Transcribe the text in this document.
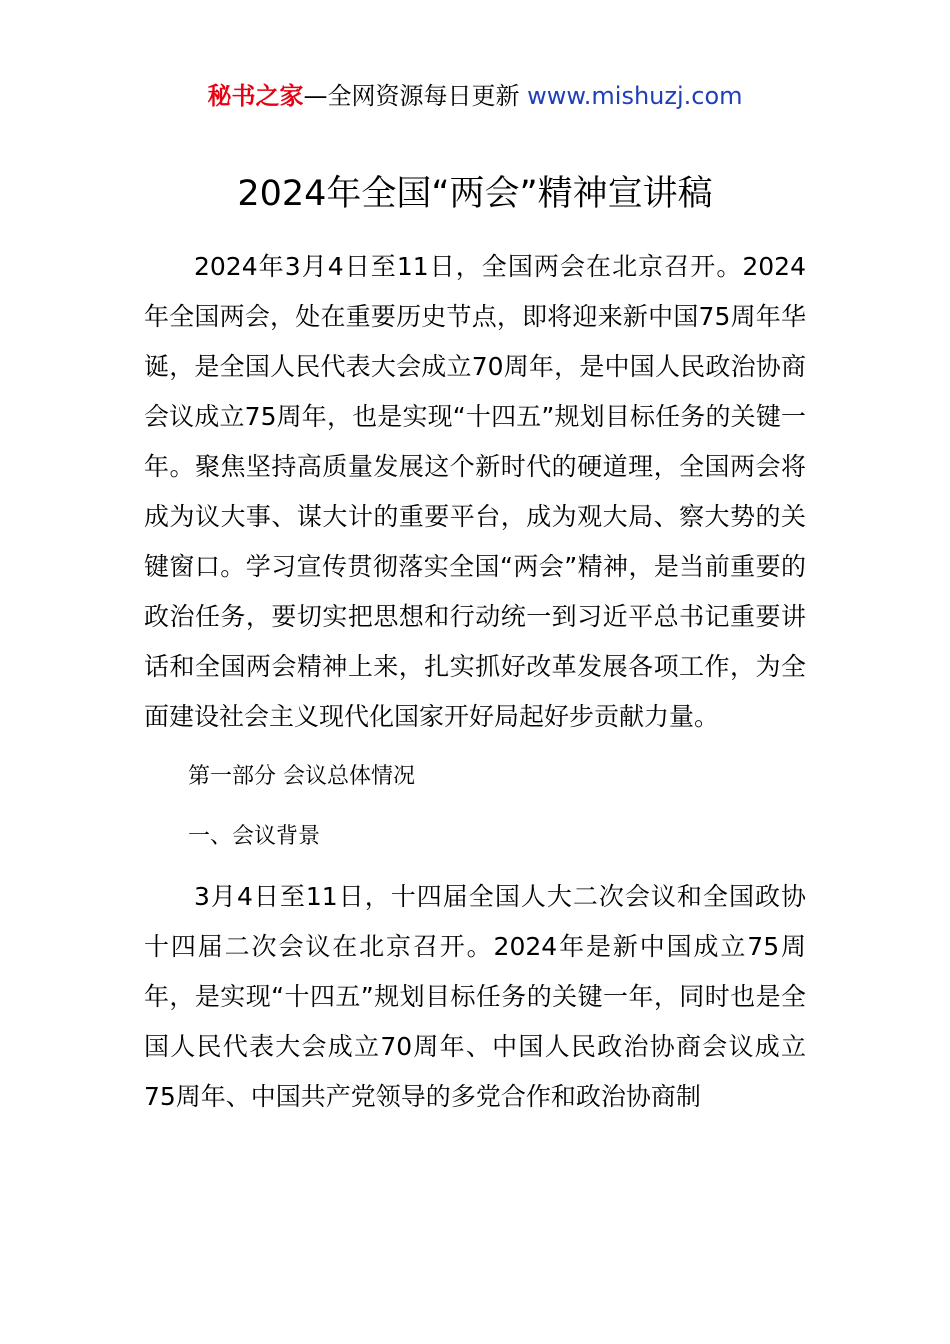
秘书之家—全网资源每日更新 www.mishuzj.com
2024年全国“两会”精神宣讲稿

2024年3月4日至11日，全国两会在北京召开。2024年全国两会，处在重要历史节点，即将迎来新中国75周年华诞，是全国人民代表大会成立70周年，是中国人民政治协商会议成立75周年，也是实现“十四五”规划目标任务的关键一年。聚焦坚持高质量发展这个新时代的硬道理，全国两会将成为议大事、谋大计的重要平台，成为观大局、察大势的关键窗口。学习宣传贯彻落实全国“两会”精神，是当前重要的政治任务，要切实把思想和行动统一到习近平总书记重要讲话和全国两会精神上来，扎实抓好改革发展各项工作，为全面建设社会主义现代化国家开好局起好步贡献力量。

第一部分 会议总体情况

一、会议背景

3月4日至11日，十四届全国人大二次会议和全国政协十四届二次会议在北京召开。2024年是新中国成立75周年，是实现“十四五”规划目标任务的关键一年，同时也是全国人民代表大会成立70周年、中国人民政治协商会议成立75周年、中国共产党领导的多党合作和政治协商制
